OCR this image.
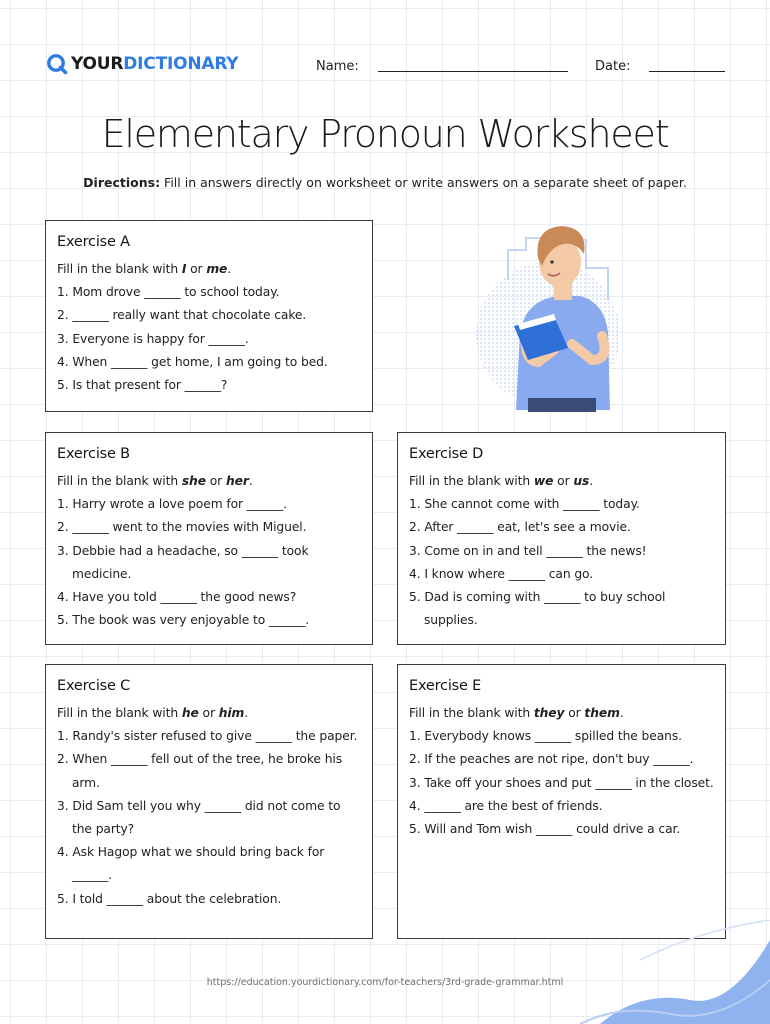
YOURDICTIONARY	Name:	Date:
Elementary Pronoun Worksheet
Directions: Fill in answers directly on worksheet or write answers on a separate sheet of paper.
Exercise A

Fill in the blank with I or me.

1. Mom drove ______ to school today.

2. ______ really want that chocolate cake.

3. Everyone is happy for ______.

4. When ______ get home, I am going to bed.

5. Is that present for ______?

Exercise B

Fill in the blank with she or her.

1. Harry wrote a love poem for ______.

2. ______ went to the movies with Miguel.

3. Debbie had a headache, so ______ took medicine.

4. Have you told ______ the good news?

5. The book was very enjoyable to ______.

Exercise D

Fill in the blank with we or us.

1. She cannot come with ______ today.

2. After ______ eat, let's see a movie.

3. Come on in and tell ______ the news!

4. I know where ______ can go.

5. Dad is coming with ______ to buy school supplies.

Exercise C

Fill in the blank with he or him.

1. Randy's sister refused to give ______ the paper.

2. When ______ fell out of the tree, he broke his arm.

3. Did Sam tell you why ______ did not come to the party?

4. Ask Hagop what we should bring back for ______.

5. I told ______ about the celebration.

Exercise E

Fill in the blank with they or them.

1. Everybody knows ______ spilled the beans.

2. If the peaches are not ripe, don't buy ______.

3. Take off your shoes and put ______ in the closet.

4. ______ are the best of friends.

5. Will and Tom wish ______ could drive a car.

https://education.yourdictionary.com/for-teachers/3rd-grade-grammar.html
